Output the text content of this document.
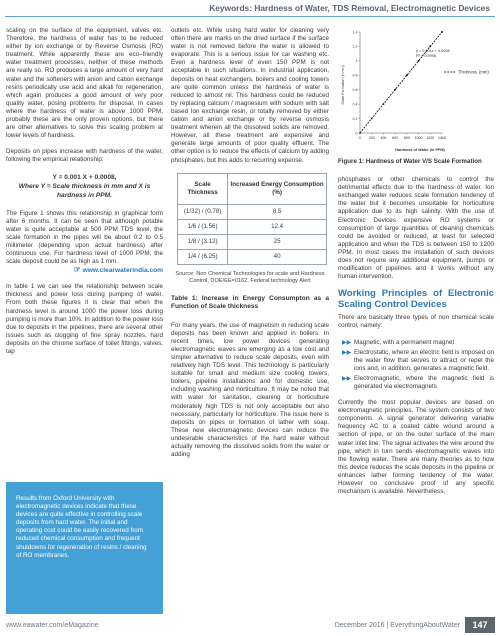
Keywords: Hardness of Water, TDS Removal, Electromagnetic Devices

scaling on the surface of the equipment, valves etc. Therefore, the hardness of water has to be reduced either by ion exchange or by Reverse Osmosis (RO) treatment. While apparently these are eco–friendly water treatment processes, neither of these methods are really so. RO produces a large amount of very hard water and the softeners with anion and cation exchange resins periodically use acid and alkali for regeneration, which again produces a good amount of very poor quality water, posing problems for disposal. In cases where the hardness of water is above 1000 PPM, probably these are the only proven options, but there are other alternatives to solve this scaling problem at lower levels of hardness.

Deposits on pipes increase with hardness of the water, following the empirical relationship:

Y = 0.001 X + 0.0008,
Where Y = Scale thickness in mm and X is hardness in PPM.

The Figure 1 shows this relationship in graphical form after 6 months. It can be seen that although potable water is quite acceptable at 500 PPM TDS level, the scale formation in the pipes will be about 0.2 to 0.5 millimeter (depending upon actual hardness) after continuous use. For hardness level of 1000 PPM, the scale deposit could be as high as 1 mm.

☞ www.clearwaterindia.com

In table 1 we can see the relationship between scale thickness and power loss during pumping of water. From both these figures it is clear that when the hardness level is around 1000 the power loss during pumping is more than 10%. In addition to the power loss due to deposits in the pipelines, there are several other issues such as clogging of fine spray nozzles, hard deposits on the chrome surface of toilet fittings, valves, tap

Results from Oxford University with electromagnetic devices indicate that these devices are quite effective in controlling scale deposits from hard water. The initial and operating cost could be easily recovered from reduced chemical consumption and frequent shutdowns for regeneration of resins / cleaning of RO membranes.

outlets etc. While using hard water for cleaning very often there are marks on the dried surface if the surface water is not removed before the water is allowed to evaporate. This is a serious issue for car washing etc. Even a hardness level of even 150 PPM is not acceptable in such situations. In industrial application, deposits on heat exchangers, boilers and cooling towers are quite common unless the hardness of water is reduced to almost nil. This hardness could be reduced by replacing calcium / magnesium with sodium with salt based Ion exchange resin, or totally removed by either cation and anion exchange or by reverse osmosis treatment wherein all the dissolved solids are removed. However, all these treatment are expensive and generate large amounts of poor quality effluent. The other option is to reduce the effects of calcium by adding phosphates, but this adds to recurring expense.

Scale Thickness	Increased Energy Consumption (%)
(1/32) / (0.78)	8.5
1/6 / (1.56)	12.4
1/8 / (3.12)	25
1/4 / (6.25)	40
Source: Non Chemical Technologies for scale and Hardness Control, DOE/EE=0162, Federal technology Alert
Table 1: Increase in Energy Consumpton as a Function of Scale thickness

For many years, the use of magnetism in reducing scale deposits has been known and applied in boilers. In recent times, low power devices generating electromagnetic waves are emerging as a low cost and simpler alternative to reduce scale deposits, even with relatively high TDS level. This technology is particularly suitable for small and medium size cooling towers, boilers, pipeline installations and for domestic use, including washing and horticulture. It may be noted that with water for sanitation, cleaning or horticulture moderately high TDS is not only acceptable but also necessary, particularly for horticulture. The issue here is deposits on pipes or formation of lather with soap. These new electromagnetic devices can reduce the undesirable characteristics of the hard water without actually removing the dissolved solids from the water or adding

1400
1200
1000
800
600
400
200
0
1.4
1.2
1
0.8
0.6
0.4
0.2
0
Scale Formation (in mm)
Hardness of Water (in PPM)
y = 0.001x + 0.0008
R² = 0.9996
Thickness (mm)
Figure 1: Hardness of Water V/S Scale Formation

phosphates or other chemicals to control the detrimental effects due to the hardness of water. Ion exchanged water reduces scale formation tendency of the water but it becomes unsuitable for horticulture application due to its high salinity. With the use of Electronic Devices expensive RO systems or consumption of large quantities of cleaning chemicals could be avoided or reduced, at least for selected application and when the TDS is between 150 to 1200 PPM. In most cases the installation of such devices does not require any additional equipment, pumps or modification of pipelines and it works without any human intervention.

Working Principles of Electronic Scaling Control Devices

There are basically three types of non chemical scale control, namely:

▶▶ Magnetic, with a permanent magnet
▶▶ Electrostatic, where an electric field is imposed on the water flow that serves to attract or repel the ions and, in addition, generates a magnetic field.
▶▶ Electromagnetic, where the magnetic field is generated via electromagnets

Currently the most popular devices are based on electromagnetic principles. The system consists of two components. A signal generator delivering variable frequency AC to a coated cable wound around a section of pipe, or on the outer surface of the main water inlet line. The signal activates the wire around the pipe, which in turn sends electromagnetic waves into the flowing water. There are many theories as to how this device reduces the scale deposits in the pipeline or enhances lather forming tendency of the water. However no conclusive proof of any specific mechanism is available. Nevertheless,

www.eawater.com/eMagazine	December 2016 | EverythingAboutWater	147
